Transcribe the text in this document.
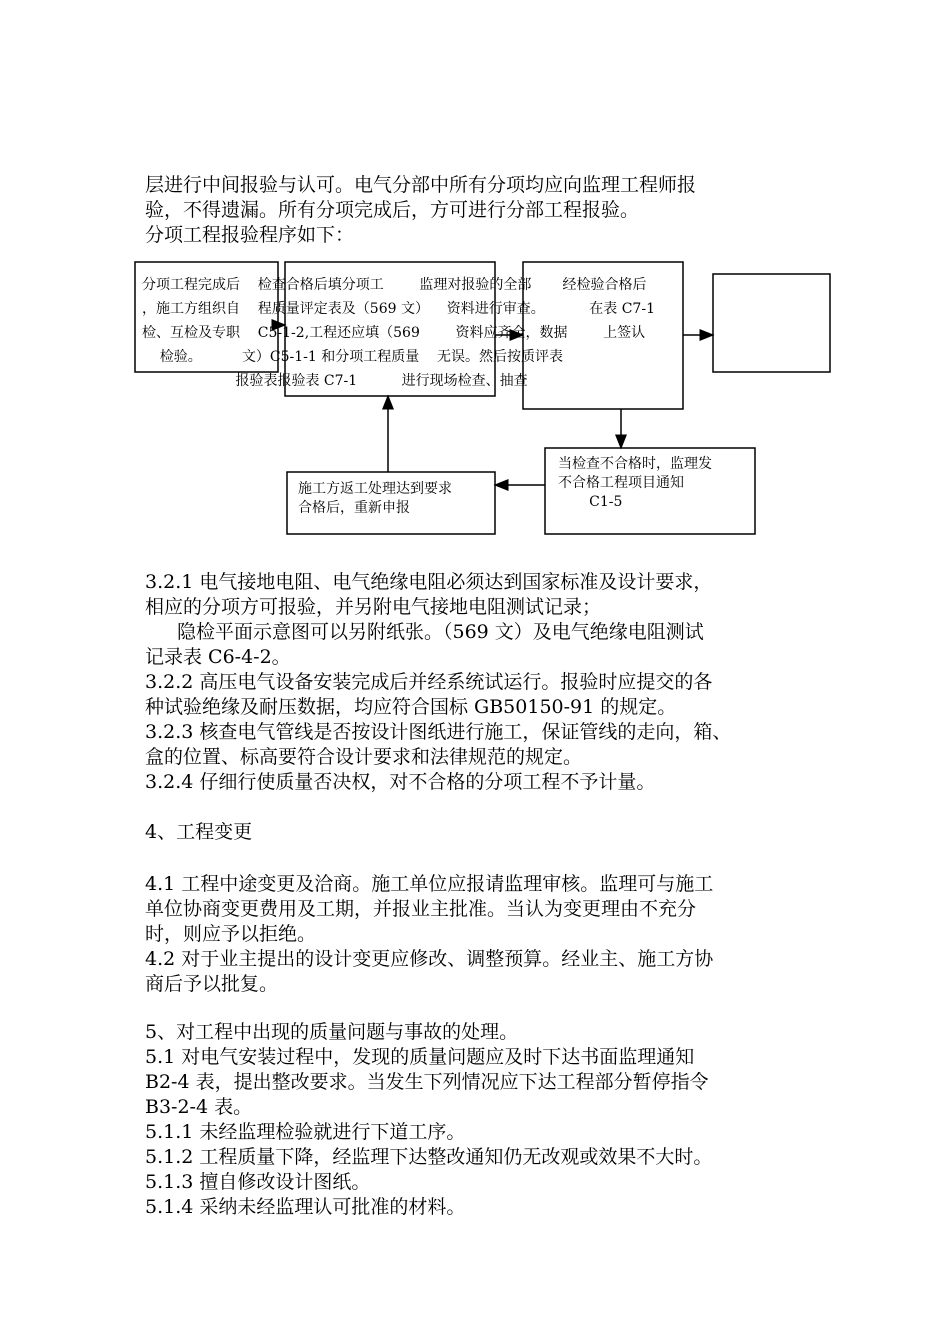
层进行中间报验与认可。电气分部中所有分项均应向监理工程师报
验，不得遗漏。所有分项完成后，方可进行分部工程报验。
分项工程报验程序如下：
分项工程完成后    检查合格后填分项工        监理对报验的全部       经检验合格后
，施工方组织自    程质量评定表及（569 文）    资料进行审查。          在表 C7-1
检、互检及专职    C5-1-2,工程还应填（569        资料应齐全，数据        上签认
检验。         文）C5-1-1 和分项工程质量    无误。然后按质评表
报验表报验表 C7-1          进行现场检查、抽查
当检查不合格时，监理发
不合格工程项目通知
C1-5
施工方返工处理达到要求
合格后，重新申报
3.2.1 电气接地电阻、电气绝缘电阻必须达到国家标准及设计要求，
相应的分项方可报验，并另附电气接地电阻测试记录；
隐检平面示意图可以另附纸张。（569 文）及电气绝缘电阻测试
记录表 C6-4-2。
3.2.2 高压电气设备安装完成后并经系统试运行。报验时应提交的各
种试验绝缘及耐压数据，均应符合国标 GB50150-91 的规定。
3.2.3 核查电气管线是否按设计图纸进行施工，保证管线的走向，箱、
盒的位置、标高要符合设计要求和法律规范的规定。
3.2.4 仔细行使质量否决权，对不合格的分项工程不予计量。
4、工程变更
4.1 工程中途变更及洽商。施工单位应报请监理审核。监理可与施工
单位协商变更费用及工期，并报业主批准。当认为变更理由不充分
时，则应予以拒绝。
4.2 对于业主提出的设计变更应修改、调整预算。经业主、施工方协
商后予以批复。
5、对工程中出现的质量问题与事故的处理。
5.1 对电气安装过程中，发现的质量问题应及时下达书面监理通知
B2-4 表，提出整改要求。当发生下列情况应下达工程部分暂停指令
B3-2-4 表。
5.1.1 未经监理检验就进行下道工序。
5.1.2 工程质量下降，经监理下达整改通知仍无改观或效果不大时。
5.1.3 擅自修改设计图纸。
5.1.4 采纳未经监理认可批准的材料。
